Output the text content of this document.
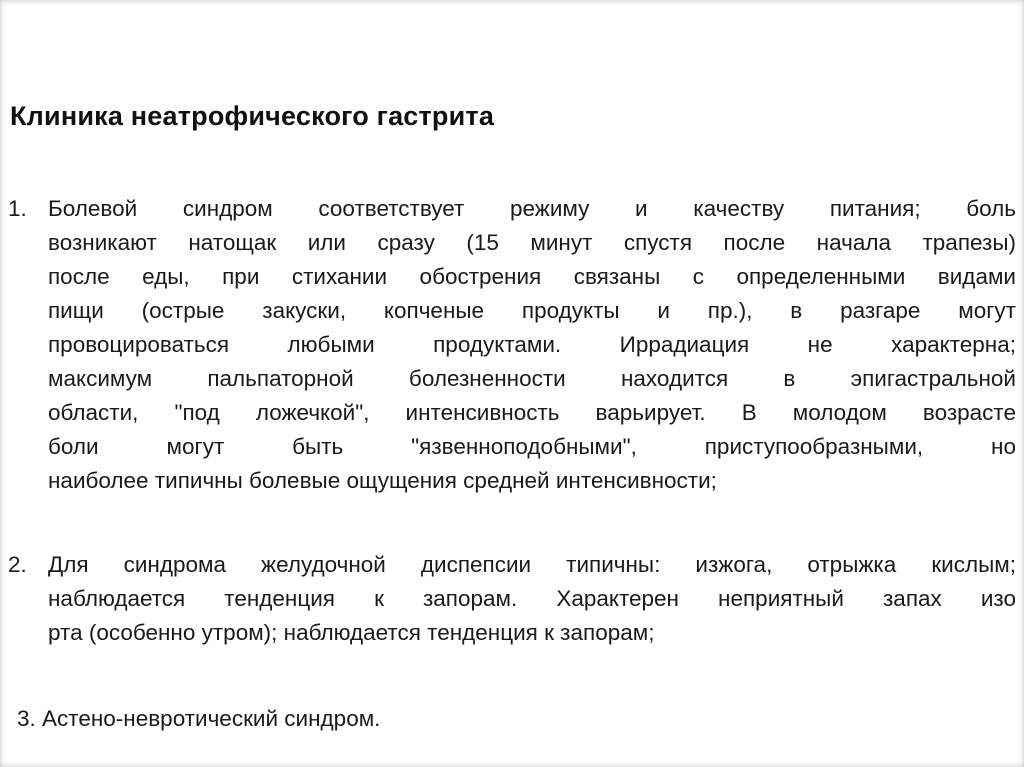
Клиника неатрофического гастрита
1. Болевой синдром соответствует режиму и качеству питания; боль
возникают натощак или сразу (15 минут спустя после начала трапезы)
после еды, при стихании обострения связаны с определенными видами
пищи (острые закуски, копченые продукты и пр.), в разгаре могут
провоцироваться любыми продуктами. Иррадиация не характерна;
максимум пальпаторной болезненности находится в эпигастральной
области, "под ложечкой", интенсивность варьирует. В молодом возрасте
боли могут быть "язвенноподобными", приступообразными, но
наиболее типичны болевые ощущения средней интенсивности;
2. Для синдрома желудочной диспепсии типичны: изжога, отрыжка кислым;
наблюдается тенденция к запорам. Характерен неприятный запах изо
рта (особенно утром); наблюдается тенденция к запорам;
3. Астено-невротический синдром.
